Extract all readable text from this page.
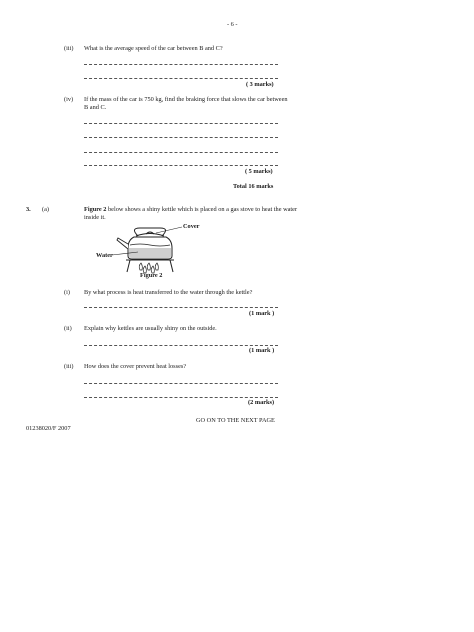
- 6 -
(iii) What is the average speed of the car between B and C?
( 3 marks)
(iv) If the mass of the car is 750 kg, find the braking force that slows the car between
B and C.
( 5 marks)
Total 16 marks
3. (a)	Figure 2 below shows a shiny kettle which is placed on a gas stove to heat the water
inside it.
Cover
Water
Figure 2
(i) By what process is heat transferred to the water through the kettle?
(1 mark )
(ii) Explain why kettles are usually shiny on the outside.
(1 mark )
(iii) How does the cover prevent heat losses?
(2 marks)
GO ON TO THE NEXT PAGE
01238020/F 2007
